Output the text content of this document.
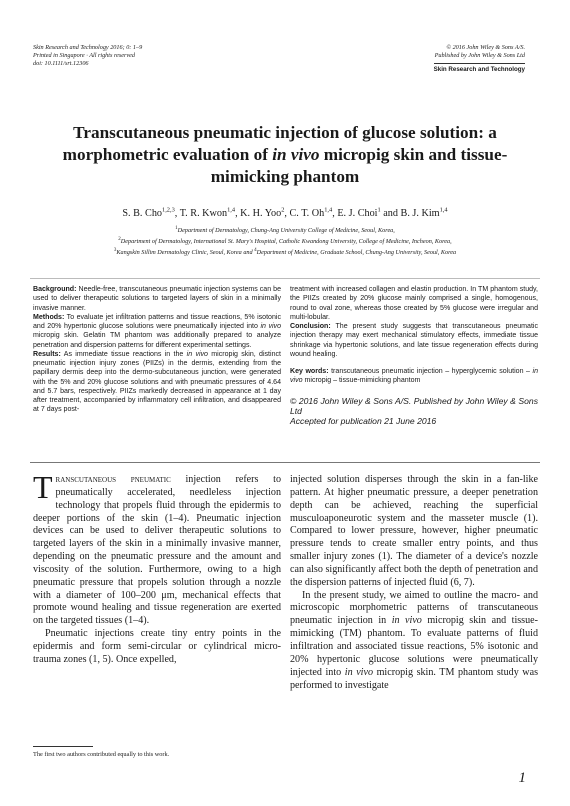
Skin Research and Technology 2016; 0: 1–9
Printed in Singapore · All rights reserved
doi: 10.1111/srt.12306
© 2016 John Wiley & Sons A/S.
Published by John Wiley & Sons Ltd
Skin Research and Technology
Transcutaneous pneumatic injection of glucose solution: a morphometric evaluation of in vivo micropig skin and tissue-mimicking phantom
S. B. Cho$^{1,2,3}$, T. R. Kwon$^{1,4}$, K. H. Yoo$^2$, C. T. Oh$^{1,4}$, E. J. Choi$^1$ and B. J. Kim$^{1,4}$
$^1$Department of Dermatology, Chung-Ang University College of Medicine, Seoul, Korea,
$^2$Department of Dermatology, International St. Mary's Hospital, Catholic Kwandong University, College of Medicine, Incheon, Korea,
$^3$Kangskin Sillim Dermatology Clinic, Seoul, Korea and $^4$Department of Medicine, Graduate School, Chung-Ang University, Seoul, Korea
Background: Needle-free, transcutaneous pneumatic injection systems can be used to deliver therapeutic solutions to targeted layers of skin in a minimally invasive manner.
Methods: To evaluate jet infiltration patterns and tissue reactions, 5% isotonic and 20% hypertonic glucose solutions were pneumatically injected into in vivo micropig skin. Gelatin TM phantom was additionally prepared to analyze penetration and dispersion patterns for different experimental settings.
Results: As immediate tissue reactions in the in vivo micropig skin, distinct pneumatic injection injury zones (PIIZs) in the dermis, extending from the papillary dermis deep into the dermo-subcutaneous junction, were generated with the 5% and 20% glucose solutions and with pneumatic pressures of 4.64 and 5.7 bars, respectively. PIIZs markedly decreased in appearance at 1 day after treatment, accompanied by inflammatory cell infiltration, and disappeared at 7 days post-
treatment with increased collagen and elastin production. In TM phantom study, the PIIZs created by 20% glucose mainly comprised a single, homogenous, round to oval zone, whereas those created by 5% glucose were irregular and multi-lobular.
Conclusion: The present study suggests that transcutaneous pneumatic injection therapy may exert mechanical stimulatory effects, immediate tissue shrinkage via hypertonic solutions, and late tissue regeneration effects during wound healing.
Key words: transcutaneous pneumatic injection – hyperglycemic solution – in vivo micropig – tissue-mimicking phantom
© 2016 John Wiley & Sons A/S. Published by John Wiley & Sons Ltd
Accepted for publication 21 June 2016

Transcutaneous pneumatic injection refers to pneumatically accelerated, needleless injection technology that propels fluid through the epidermis to deeper portions of the skin (1–4). Pneumatic injection devices can be used to deliver therapeutic solutions to targeted layers of the skin in a minimally invasive manner, depending on the pneumatic pressure and the amount and viscosity of the solution. Furthermore, owing to a high pneumatic pressure that propels solution through a nozzle with a diameter of 100–200 μm, mechanical effects that promote wound healing and tissue regeneration are exerted on the targeted tissues (1–4).

Pneumatic injections create tiny entry points in the epidermis and form semi-circular or cylindrical micro-trauma zones (1, 5). Once expelled,

injected solution disperses through the skin in a fan-like pattern. At higher pneumatic pressure, a deeper penetration depth can be achieved, reaching the superficial musculoaponeurotic system and the masseter muscle (1). Compared to lower pressure, however, higher pneumatic pressure tends to create smaller entry points, and thus smaller injury zones (1). The diameter of a device's nozzle can also significantly affect both the depth of penetration and the dispersion patterns of injected fluid (6, 7).

In the present study, we aimed to outline the macro- and microscopic morphometric patterns of transcutaneous pneumatic injection in in vivo micropig skin and tissue-mimicking (TM) phantom. To evaluate patterns of fluid infiltration and associated tissue reactions, 5% isotonic and 20% hypertonic glucose solutions were pneumatically injected into in vivo micropig skin. TM phantom study was performed to investigate

The first two authors contributed equally to this work.
1
